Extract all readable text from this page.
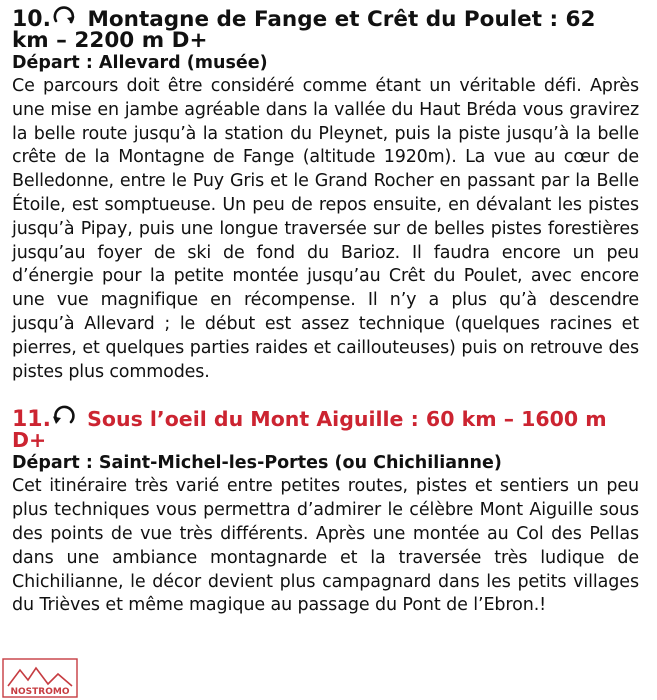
10. Montagne de Fange et Crêt du Poulet : 62 km – 2200 m D+

Départ : Allevard (musée)

Ce parcours doit être considéré comme étant un véritable défi. Après une mise en jambe agréable dans la vallée du Haut Bréda vous gravirez la belle route jusqu’à la station du Pleynet, puis la piste jusqu’à la belle crête de la Montagne de Fange (altitude 1920m). La vue au cœur de Belledonne, entre le Puy Gris et le Grand Rocher en passant par la Belle Étoile, est somptueuse. Un peu de repos ensuite, en dévalant les pistes jusqu’à Pipay, puis une longue traversée sur de belles pistes forestières jusqu’au foyer de ski de fond du Barioz. Il faudra encore un peu d’énergie pour la petite montée jusqu’au Crêt du Poulet, avec encore une vue magnifique en récompense. Il n’y a plus qu’à descendre jusqu’à Allevard ; le début est assez technique (quelques racines et pierres, et quelques parties raides et caillouteuses) puis on retrouve des pistes plus commodes.

11. Sous l’oeil du Mont Aiguille : 60 km – 1600 m D+

Départ : Saint-Michel-les-Portes (ou Chichilianne)

Cet itinéraire très varié entre petites routes, pistes et sentiers un peu plus techniques vous permettra d’admirer le célèbre Mont Aiguille sous des points de vue très différents. Après une montée au Col des Pellas dans une ambiance montagnarde et la traversée très ludique de Chichilianne, le décor devient plus campagnard dans les petits villages du Trièves et même magique au passage du Pont de l’Ebron.!

NOSTROMO
